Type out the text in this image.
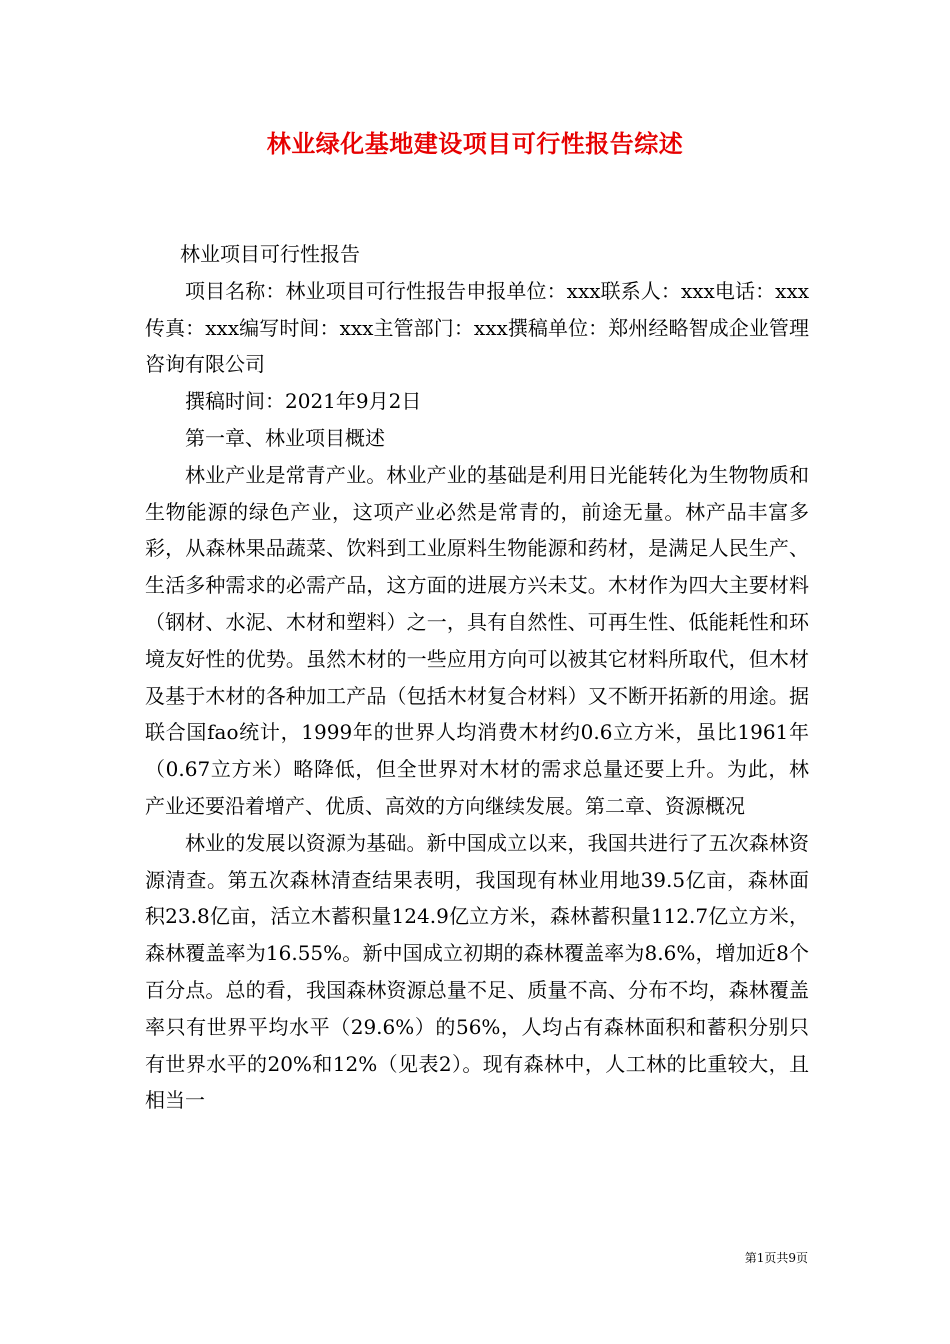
林业绿化基地建设项目可行性报告综述

林业项目可行性报告

项目名称：林业项目可行性报告申报单位：xxx联系人：xxx电话：xxx传真：xxx编写时间：xxx主管部门：xxx撰稿单位：郑州经略智成企业管理咨询有限公司

撰稿时间：2021年9月2日

第一章、林业项目概述

林业产业是常青产业。林业产业的基础是利用日光能转化为生物物质和生物能源的绿色产业，这项产业必然是常青的，前途无量。林产品丰富多彩，从森林果品蔬菜、饮料到工业原料生物能源和药材，是满足人民生产、生活多种需求的必需产品，这方面的进展方兴未艾。木材作为四大主要材料（钢材、水泥、木材和塑料）之一，具有自然性、可再生性、低能耗性和环境友好性的优势。虽然木材的一些应用方向可以被其它材料所取代，但木材及基于木材的各种加工产品（包括木材复合材料）又不断开拓新的用途。据联合国fao统计，1999年的世界人均消费木材约0.6立方米，虽比1961年（0.67立方米）略降低，但全世界对木材的需求总量还要上升。为此，林产业还要沿着增产、优质、高效的方向继续发展。第二章、资源概况

林业的发展以资源为基础。新中国成立以来，我国共进行了五次森林资源清查。第五次森林清查结果表明，我国现有林业用地39.5亿亩，森林面积23.8亿亩，活立木蓄积量124.9亿立方米，森林蓄积量112.7亿立方米，森林覆盖率为16.55%。新中国成立初期的森林覆盖率为8.6%，增加近8个百分点。总的看，我国森林资源总量不足、质量不高、分布不均，森林覆盖率只有世界平均水平（29.6%）的56%，人均占有森林面积和蓄积分别只有世界水平的20%和12%（见表2）。现有森林中，人工林的比重较大，且相当一

第1页共9页
